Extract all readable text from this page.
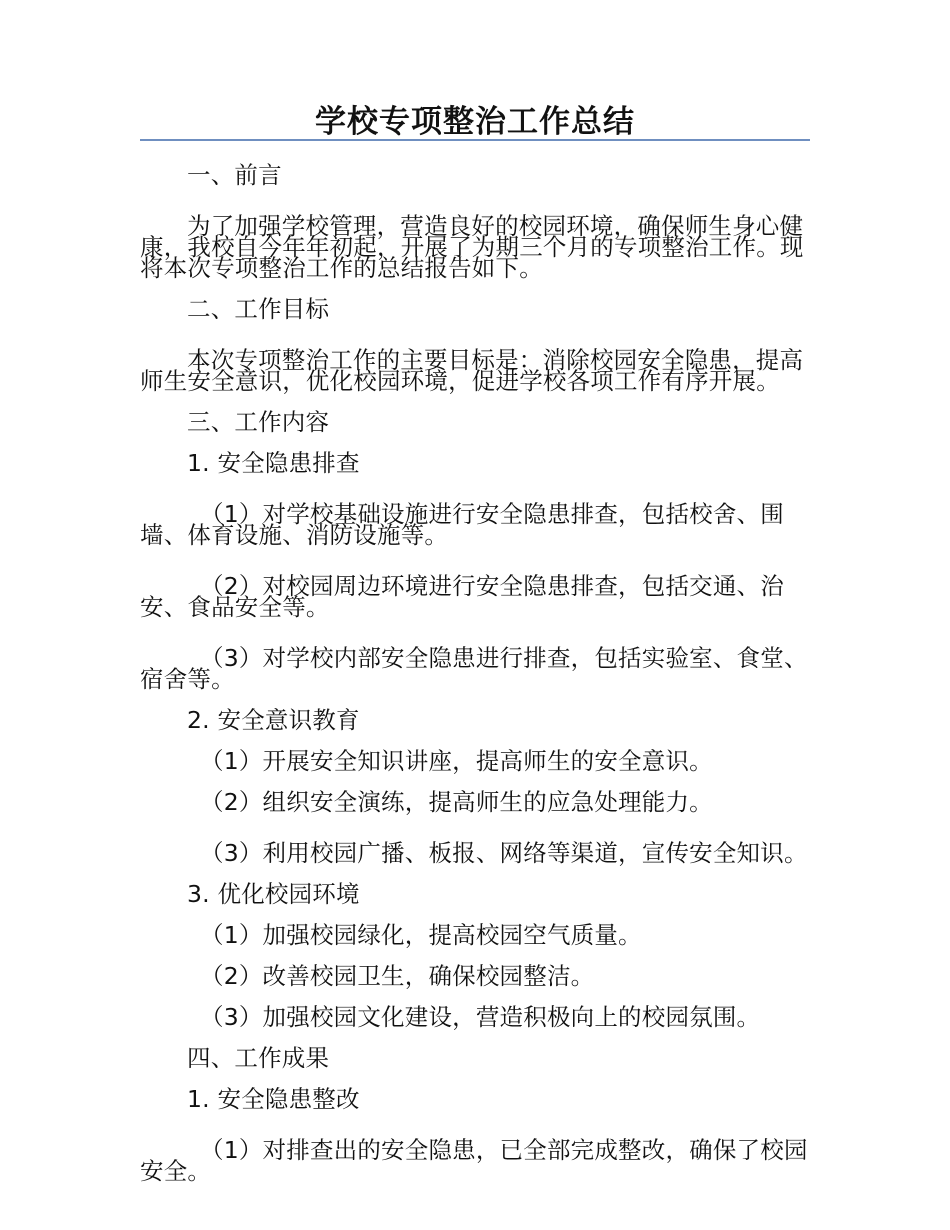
学校专项整治工作总结

一、前言

为了加强学校管理，营造良好的校园环境，确保师生身心健康，我校自今年年初起，开展了为期三个月的专项整治工作。现将本次专项整治工作的总结报告如下。

二、工作目标

本次专项整治工作的主要目标是：消除校园安全隐患，提高师生安全意识，优化校园环境，促进学校各项工作有序开展。

三、工作内容

1. 安全隐患排查

（1）对学校基础设施进行安全隐患排查，包括校舍、围墙、体育设施、消防设施等。

（2）对校园周边环境进行安全隐患排查，包括交通、治安、食品安全等。

（3）对学校内部安全隐患进行排查，包括实验室、食堂、宿舍等。

2. 安全意识教育

（1）开展安全知识讲座，提高师生的安全意识。

（2）组织安全演练，提高师生的应急处理能力。

（3）利用校园广播、板报、网络等渠道，宣传安全知识。

3. 优化校园环境

（1）加强校园绿化，提高校园空气质量。

（2）改善校园卫生，确保校园整洁。

（3）加强校园文化建设，营造积极向上的校园氛围。

四、工作成果

1. 安全隐患整改

（1）对排查出的安全隐患，已全部完成整改，确保了校园安全。
